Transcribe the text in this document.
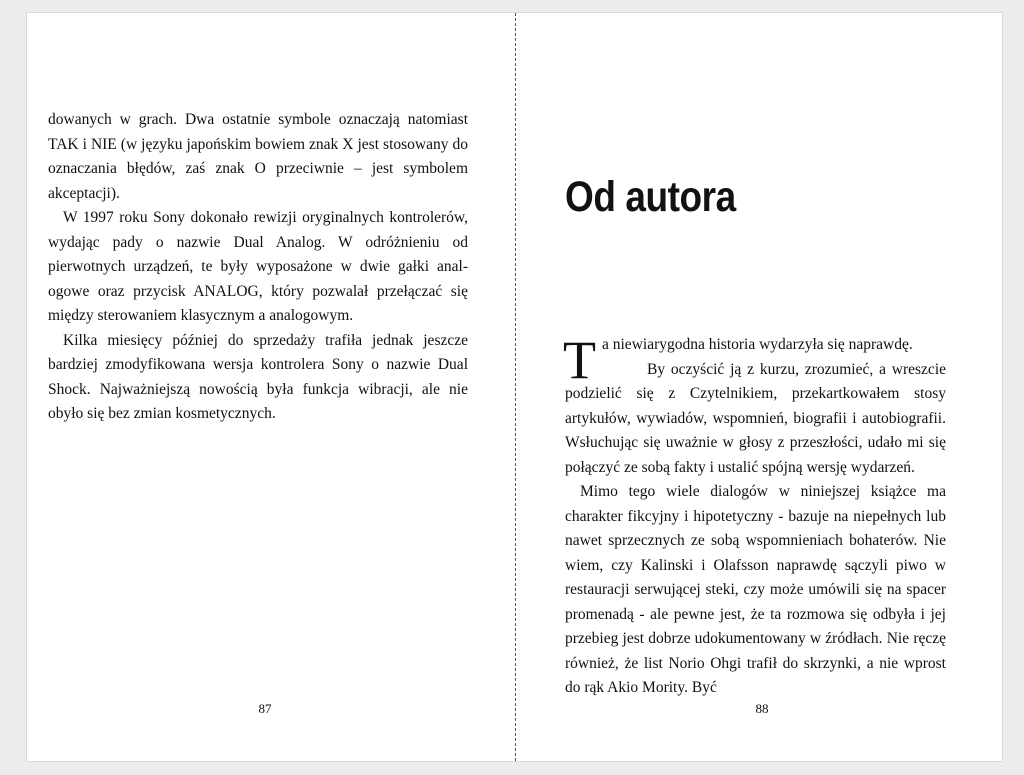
dowanych w grach. Dwa ostatnie symbole oznaczają natomiast TAK i NIE (w języku japońskim bowiem znak X jest stosowany do oznaczania błędów, zaś znak O przeciwnie – jest symbolem akceptacji).

W 1997 roku Sony dokonało rewizji oryginalnych kontrolerów, wydając pady o nazwie Dual Analog. W odróżnieniu od pierwotnych urządzeń, te były wyposażone w dwie gałki analogowe oraz przycisk ANALOG, który pozwalał przełączać się między sterowaniem klasycznym a analogowym.

Kilka miesięcy później do sprzedaży trafiła jednak jeszcze bardziej zmodyfikowana wersja kontrolera Sony o nazwie Dual Shock. Najważniejszą nowością była funkcja wibracji, ale nie obyło się bez zmian kosmetycznych.

87
Od autora

Ta niewiarygodna historia wydarzyła się naprawdę.
By oczyścić ją z kurzu, zrozumieć, a wreszcie podzielić się z Czytelnikiem, przekartkowałem stosy artykułów, wywiadów, wspomnień, biografii i autobiografii. Wsłuchując się uważnie w głosy z przeszłości, udało mi się połączyć ze sobą fakty i ustalić spójną wersję wydarzeń.

Mimo tego wiele dialogów w niniejszej książce ma charakter fikcyjny i hipotetyczny - bazuje na niepełnych lub nawet sprzecznych ze sobą wspomnieniach bohaterów. Nie wiem, czy Kalinski i Olafsson naprawdę sączyli piwo w restauracji serwującej steki, czy może umówili się na spacer promenadą - ale pewne jest, że ta rozmowa się odbyła i jej przebieg jest dobrze udokumentowany w źródłach. Nie ręczę również, że list Norio Ohgi trafił do skrzynki, a nie wprost do rąk Akio Mority. Być

88
